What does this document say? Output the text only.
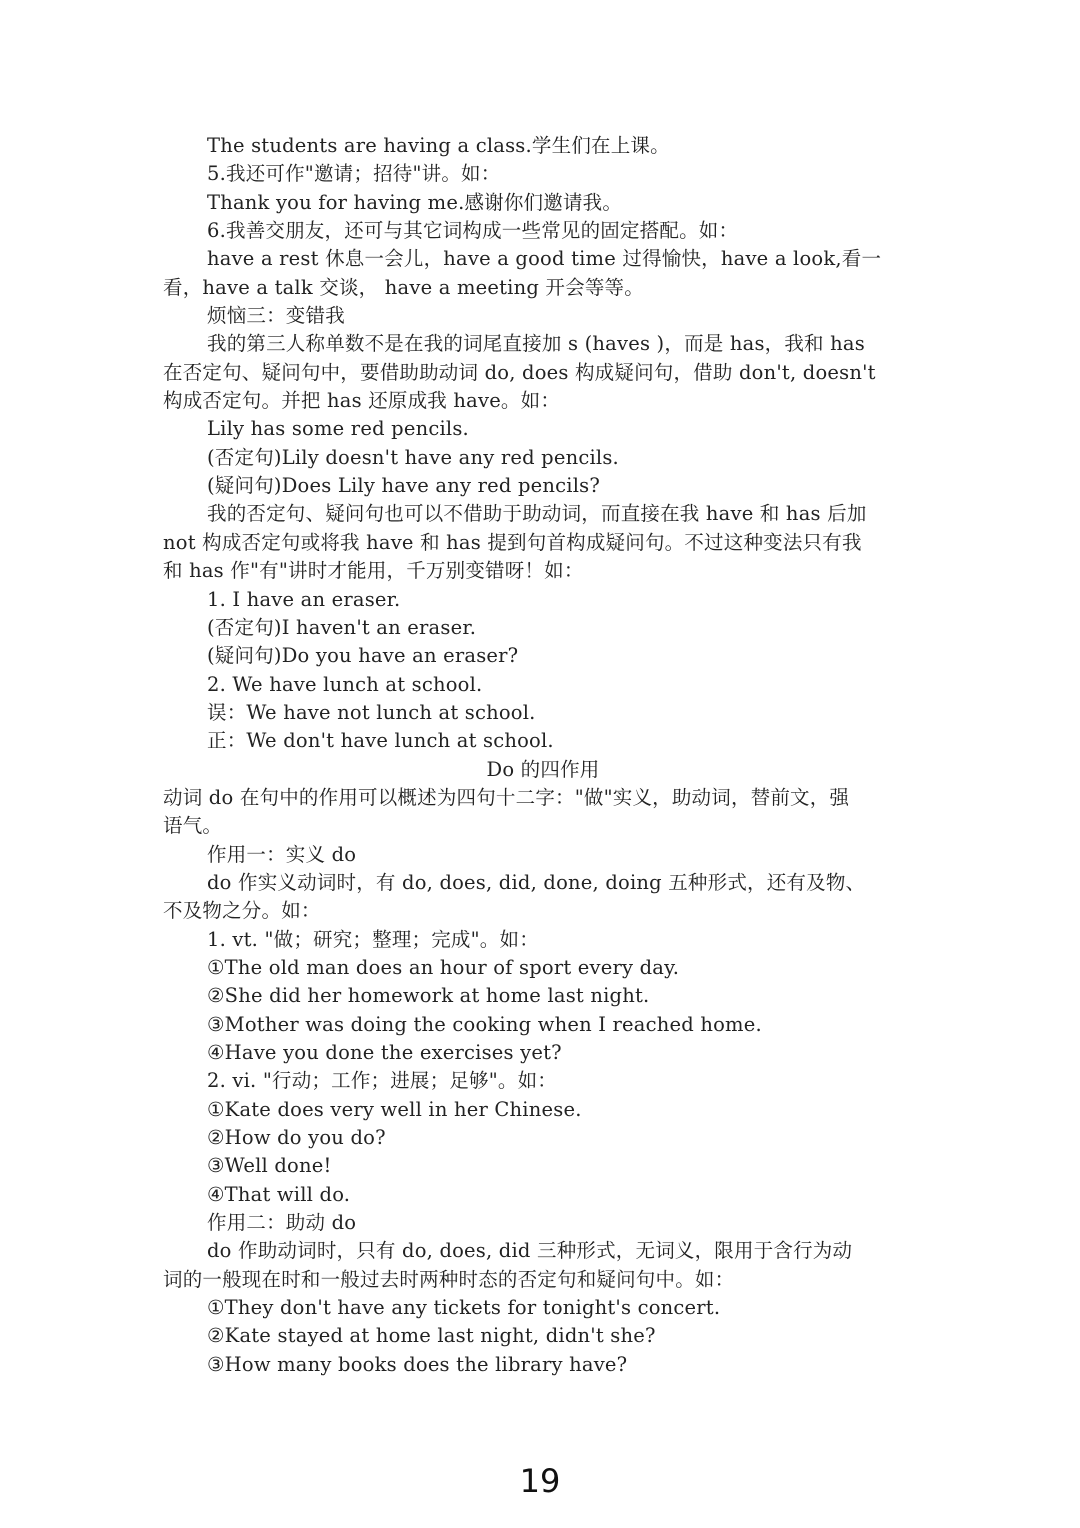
The students are having a class.学生们在上课。

5.我还可作"邀请；招待"讲。如：

Thank you for having me.感谢你们邀请我。

6.我善交朋友，还可与其它词构成一些常见的固定搭配。如：

have a rest 休息一会儿，have a good time 过得愉快，have a look,看一

看，have a talk 交谈， have a meeting 开会等等。

烦恼三：变错我

我的第三人称单数不是在我的词尾直接加 s (haves )，而是 has，我和 has

在否定句、疑问句中，要借助助动词 do, does 构成疑问句，借助 don't, doesn't

构成否定句。并把 has 还原成我 have。如：

Lily has some red pencils.

(否定句)Lily doesn't have any red pencils.

(疑问句)Does Lily have any red pencils?

我的否定句、疑问句也可以不借助于助动词，而直接在我 have 和 has 后加

not 构成否定句或将我 have 和 has 提到句首构成疑问句。不过这种变法只有我

和 has 作"有"讲时才能用，千万别变错呀！如：

1. I have an eraser.

(否定句)I haven't an eraser.

(疑问句)Do you have an eraser?

2. We have lunch at school.

误：We have not lunch at school.

正：We don't have lunch at school.

Do 的四作用

动词 do 在句中的作用可以概述为四句十二字："做"实义，助动词，替前文，强

语气。

作用一：实义 do

do 作实义动词时，有 do, does, did, done, doing 五种形式，还有及物、

不及物之分。如：

1. vt. "做；研究；整理；完成"。如：

①The old man does an hour of sport every day.

②She did her homework at home last night.

③Mother was doing the cooking when I reached home.

④Have you done the exercises yet?

2. vi. "行动；工作；进展；足够"。如：

①Kate does very well in her Chinese.

②How do you do?

③Well done!

④That will do.

作用二：助动 do

do 作助动词时，只有 do, does, did 三种形式，无词义，限用于含行为动

词的一般现在时和一般过去时两种时态的否定句和疑问句中。如：

①They don't have any tickets for tonight's concert.

②Kate stayed at home last night, didn't she?

③How many books does the library have?

19
